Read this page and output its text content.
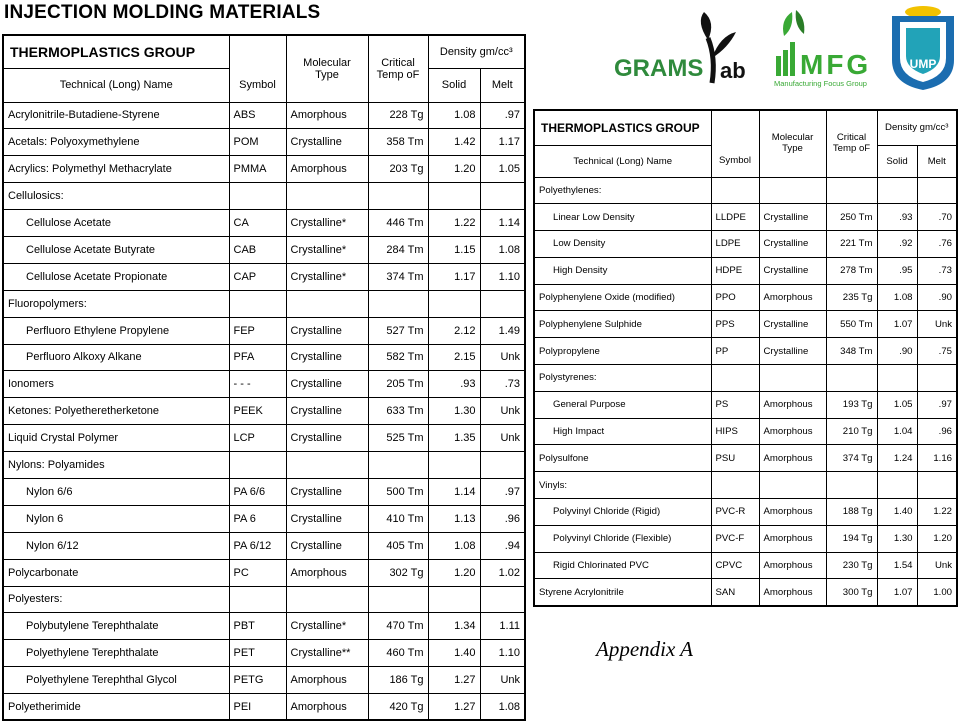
INJECTION MOLDING MATERIALS
GRAMS ab MFG
Manufacturing Focus Group
UMP
THERMOPLASTICS GROUP		Molecular Type	Critical Temp oF	Density gm/cc³	
Technical (Long) Name	Symbol			Solid	Melt
Acrylonitrile-Butadiene-Styrene	ABS	Amorphous	228 Tg	1.08	.97
Acetals: Polyoxymethylene	POM	Crystalline	358 Tm	1.42	1.17
Acrylics: Polymethyl Methacrylate	PMMA	Amorphous	203 Tg	1.20	1.05
Cellulosics:					
Cellulose Acetate	CA	Crystalline*	446 Tm	1.22	1.14
Cellulose Acetate Butyrate	CAB	Crystalline*	284 Tm	1.15	1.08
Cellulose Acetate Propionate	CAP	Crystalline*	374 Tm	1.17	1.10
Fluoropolymers:					
Perfluoro Ethylene Propylene	FEP	Crystalline	527 Tm	2.12	1.49
Perfluoro Alkoxy Alkane	PFA	Crystalline	582 Tm	2.15	Unk
Ionomers	- - -	Crystalline	205 Tm	.93	.73
Ketones: Polyetheretherketone	PEEK	Crystalline	633 Tm	1.30	Unk
Liquid Crystal Polymer	LCP	Crystalline	525 Tm	1.35	Unk
Nylons: Polyamides					
Nylon 6/6	PA 6/6	Crystalline	500 Tm	1.14	.97
Nylon 6	PA 6	Crystalline	410 Tm	1.13	.96
Nylon 6/12	PA 6/12	Crystalline	405 Tm	1.08	.94
Polycarbonate	PC	Amorphous	302 Tg	1.20	1.02
Polyesters:					
Polybutylene Terephthalate	PBT	Crystalline*	470 Tm	1.34	1.11
Polyethylene Terephthalate	PET	Crystalline**	460 Tm	1.40	1.10
Polyethylene Terephthal Glycol	PETG	Amorphous	186 Tg	1.27	Unk
Polyetherimide	PEI	Amorphous	420 Tg	1.27	1.08
THERMOPLASTICS GROUP		Molecular Type	Critical Temp oF	Density gm/cc³	
Technical (Long) Name	Symbol			Solid	Melt
Polyethylenes:					
Linear Low Density	LLDPE	Crystalline	250 Tm	.93	.70
Low Density	LDPE	Crystalline	221 Tm	.92	.76
High Density	HDPE	Crystalline	278 Tm	.95	.73
Polyphenylene Oxide (modified)	PPO	Amorphous	235 Tg	1.08	.90
Polyphenylene Sulphide	PPS	Crystalline	550 Tm	1.07	Unk
Polypropylene	PP	Crystalline	348 Tm	.90	.75
Polystyrenes:					
General Purpose	PS	Amorphous	193 Tg	1.05	.97
High Impact	HIPS	Amorphous	210 Tg	1.04	.96
Polysulfone	PSU	Amorphous	374 Tg	1.24	1.16
Vinyls:					
Polyvinyl Chloride (Rigid)	PVC-R	Amorphous	188 Tg	1.40	1.22
Polyvinyl Chloride (Flexible)	PVC-F	Amorphous	194 Tg	1.30	1.20
Rigid Chlorinated PVC	CPVC	Amorphous	230 Tg	1.54	Unk
Styrene Acrylonitrile	SAN	Amorphous	300 Tg	1.07	1.00
Appendix A
